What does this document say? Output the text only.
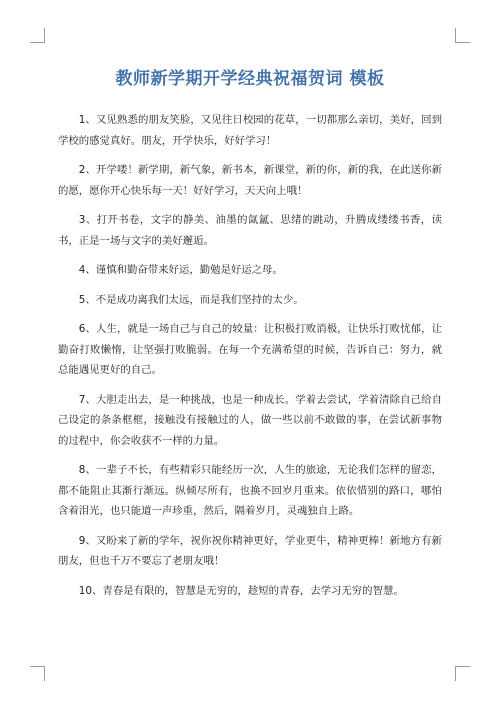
教师新学期开学经典祝福贺词 模板

1、又见熟悉的朋友笑脸，又见往日校园的花草，一切都那么亲切，美好，回到学校的感觉真好。朋友，开学快乐，好好学习！

2、开学喽！新学期，新气象，新书本，新课堂，新的你，新的我，在此送你新的愿，愿你开心快乐每一天！好好学习，天天向上哦！

3、打开书卷，文字的静美、油墨的氤氲、思绪的跳动，升腾成缕缕书香，读书，正是一场与文字的美好邂逅。

4、谨慎和勤奋带来好运，勤勉是好运之母。

5、不是成功离我们太远，而是我们坚持的太少。

6、人生，就是一场自己与自己的较量：让积极打败消极，让快乐打败忧郁，让勤奋打败懒惰，让坚强打败脆弱。在每一个充满希望的时候，告诉自己：努力，就总能遇见更好的自己。

7、大胆走出去，是一种挑战，也是一种成长。学着去尝试，学着清除自己给自己设定的条条框框，接触没有接触过的人，做一些以前不敢做的事，在尝试新事物的过程中，你会收获不一样的力量。

8、一辈子不长，有些精彩只能经历一次，人生的旅途，无论我们怎样的留恋，都不能阻止其渐行渐远。纵倾尽所有，也换不回岁月重来。依依惜别的路口，哪怕含着泪光，也只能道一声珍重，然后，隔着岁月，灵魂独自上路。

9、又盼来了新的学年，祝你祝你精神更好，学业更牛，精神更棒！新地方有新朋友，但也千万不要忘了老朋友哦！

10、青春是有限的，智慧是无穷的，趁短的青春，去学习无穷的智慧。
